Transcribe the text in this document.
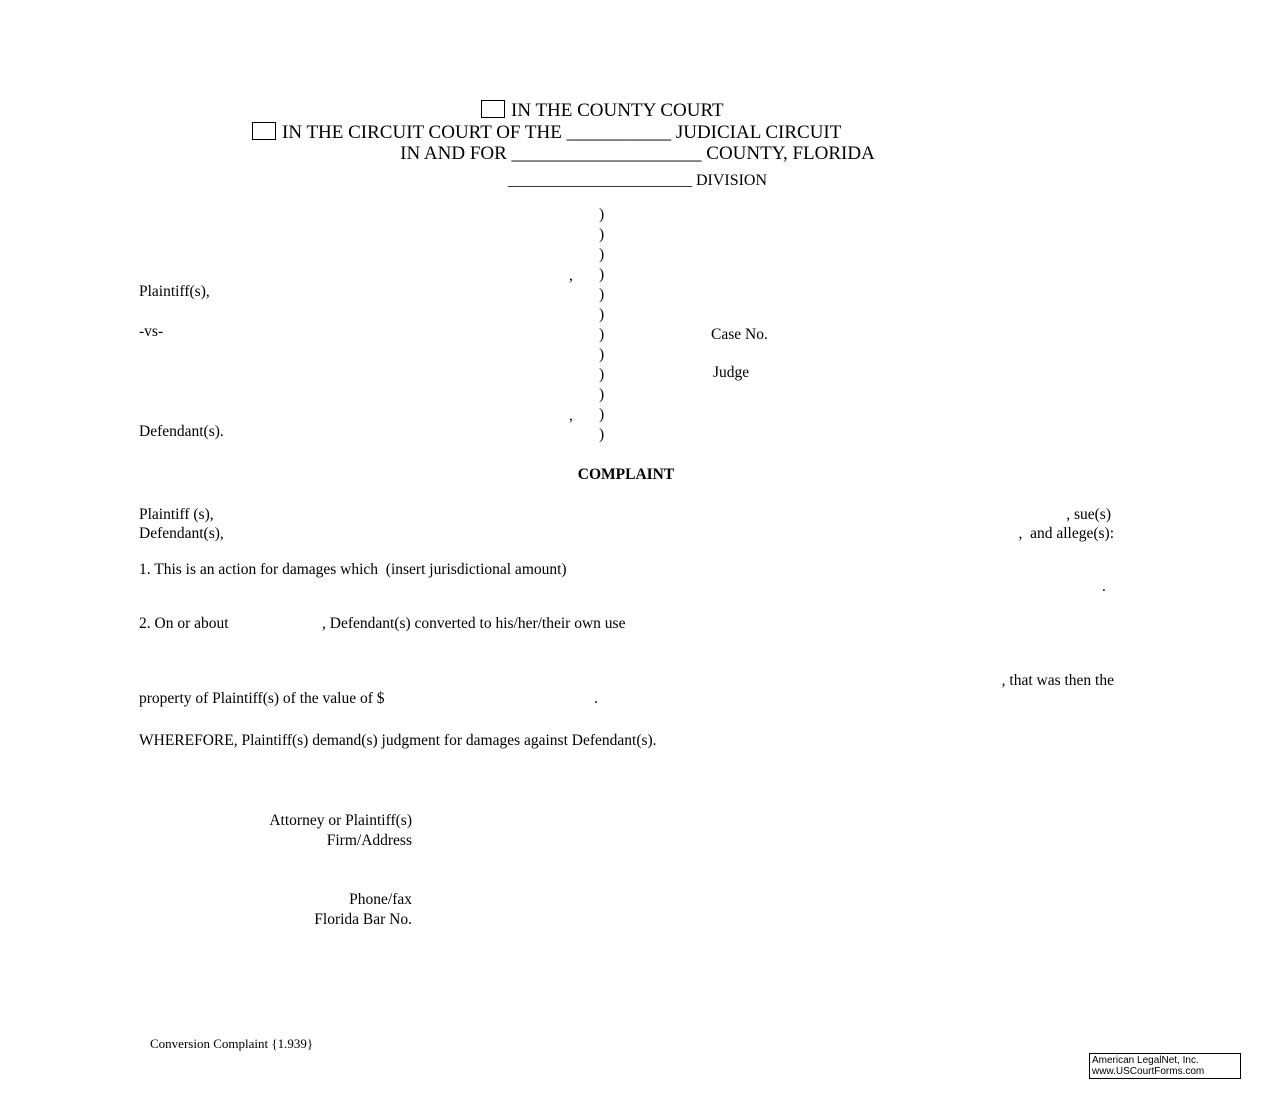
IN THE COUNTY COURT
IN THE CIRCUIT COURT OF THE ___________ JUDICIAL CIRCUIT
IN AND FOR ____________________ COUNTY, FLORIDA
_______________________ DIVISION
)
)
)
)
)
)
)
)
)
)
)
)
,
,
Plaintiff(s),
-vs-
Defendant(s).
Case No.
Judge
COMPLAINT
Plaintiff (s),	, sue(s)
Defendant(s),	,  and allege(s):
1. This is an action for damages which  (insert jurisdictional amount)
.
2. On or about	, Defendant(s) converted to his/her/their own use
, that was then the
property of Plaintiff(s) of the value of $	.
WHEREFORE, Plaintiff(s) demand(s) judgment for damages against Defendant(s).
Attorney or Plaintiff(s)
Firm/Address
Phone/fax
Florida Bar No.
Conversion Complaint {1.939}
American LegalNet, Inc.
www.USCourtForms.com
